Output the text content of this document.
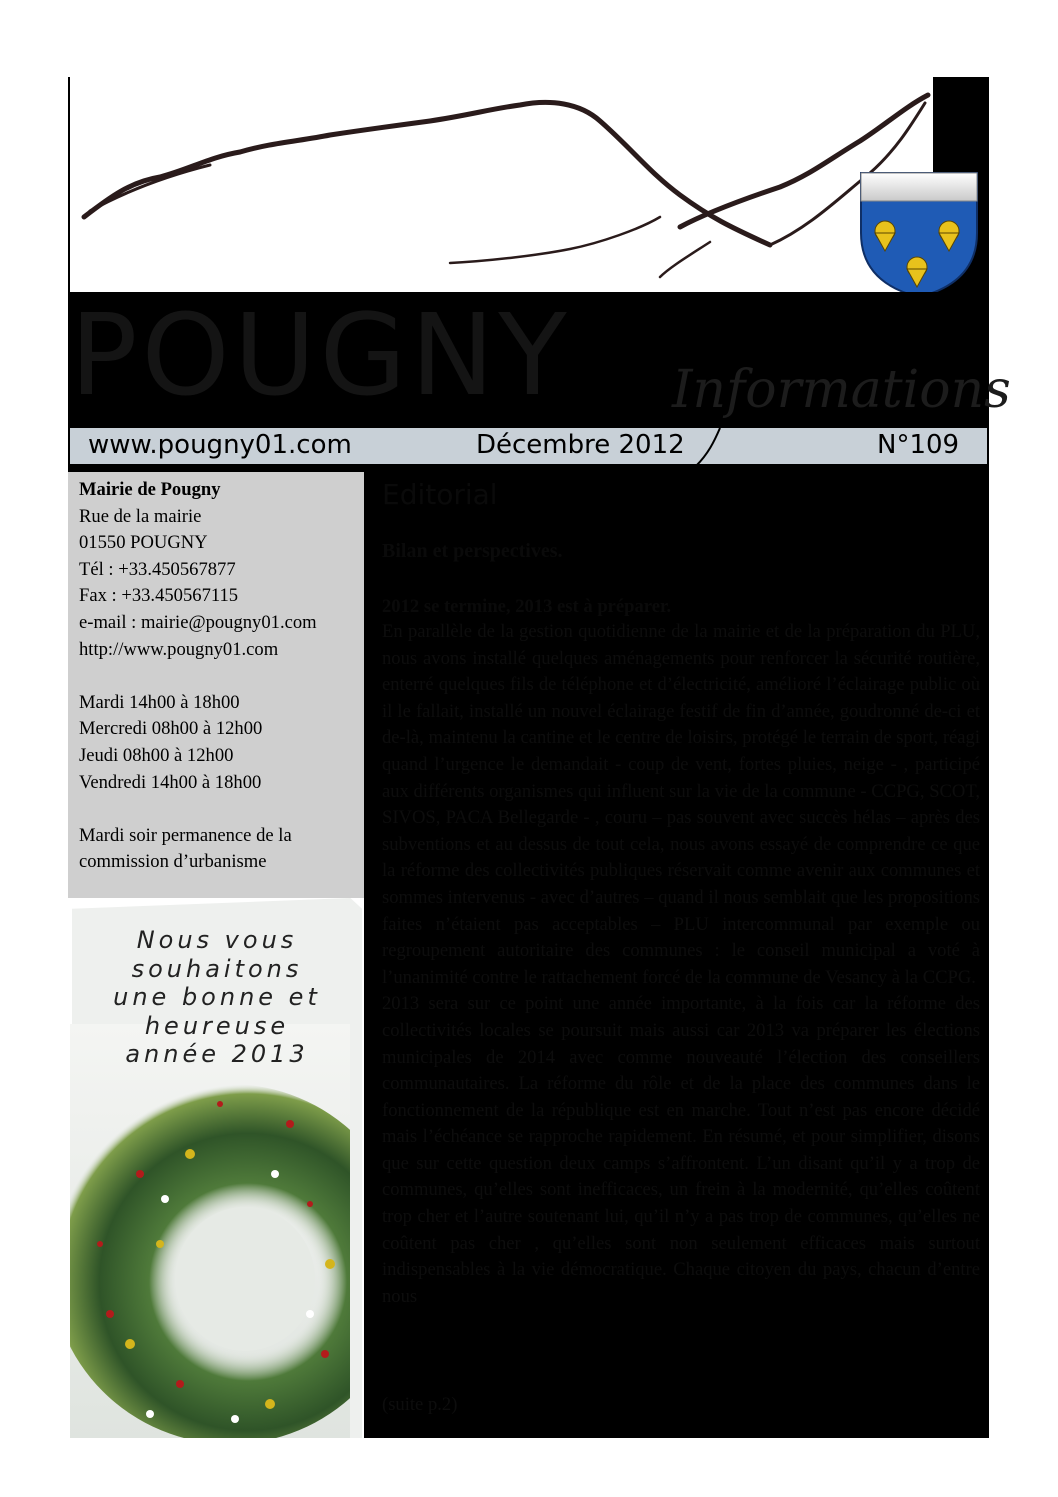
POUGNY Informations
www.pougny01.com	Décembre 2012	N°109

Mairie de Pougny

Rue de la mairie

01550 POUGNY

Tél : +33.450567877

Fax : +33.450567115

e-mail : mairie@pougny01.com

http://www.pougny01.com

Mardi 14h00 à 18h00

Mercredi 08h00 à 12h00

Jeudi 08h00 à 12h00

Vendredi 14h00 à 18h00

Mardi soir permanence de la

commission d’urbanisme

Nous vous

souhaitons

une bonne et

heureuse

année 2013

Editorial
Bilan et perspectives.
2012 se termine, 2013 est à préparer.

En parallèle de la gestion quotidienne de la mairie et de la préparation du PLU, nous avons installé quelques aménagements pour renforcer la sécurité routière, enterré quelques fils de téléphone et d’électricité, amélioré l’éclairage public où il le fallait, installé un nouvel éclairage festif de fin d’année, goudronné de-ci et de-là, maintenu la cantine et le centre de loisirs, protégé le terrain de sport, réagi quand l’urgence le demandait - coup de vent, fortes pluies, neige - , participé aux différents organismes qui influent sur la vie de la commune - CCPG, SCOT, SIVOS, PACA Bellegarde - , couru – pas souvent avec succès hélas – après des subventions et au dessus de tout cela, nous avons essayé de comprendre ce que la réforme des collectivités publiques réservait comme avenir aux communes et sommes intervenus - avec d’autres – quand il nous semblait que les propositions faites n’étaient pas acceptables – PLU intercommunal par exemple ou regroupement autoritaire des communes : le conseil municipal a voté à l’unanimité contre le rattachement forcé de la commune de Vesancy à la CCPG.

2013 sera sur ce point une année importante, à la fois car la réforme des collectivités locales se poursuit mais aussi car 2013 va préparer les élections municipales de 2014 avec comme nouveauté l’élection des conseillers communautaires. La réforme du rôle et de la place des communes dans le fonctionnement de la république est en marche. Tout n’est pas encore décidé mais l’échéance se rapproche rapidement. En résumé, et pour simplifier, disons que sur cette question deux camps s’affrontent. L’un disant qu’il y a trop de communes, qu’elles sont inefficaces, un frein à la modernité, qu’elles coûtent trop cher et l’autre soutenant lui, qu’il n’y a pas trop de communes, qu’elles ne coûtent pas cher , qu’elles sont non seulement efficaces mais surtout indispensables à la vie démocratique. Chaque citoyen du pays, chacun d’entre nous

(suite p.2)
